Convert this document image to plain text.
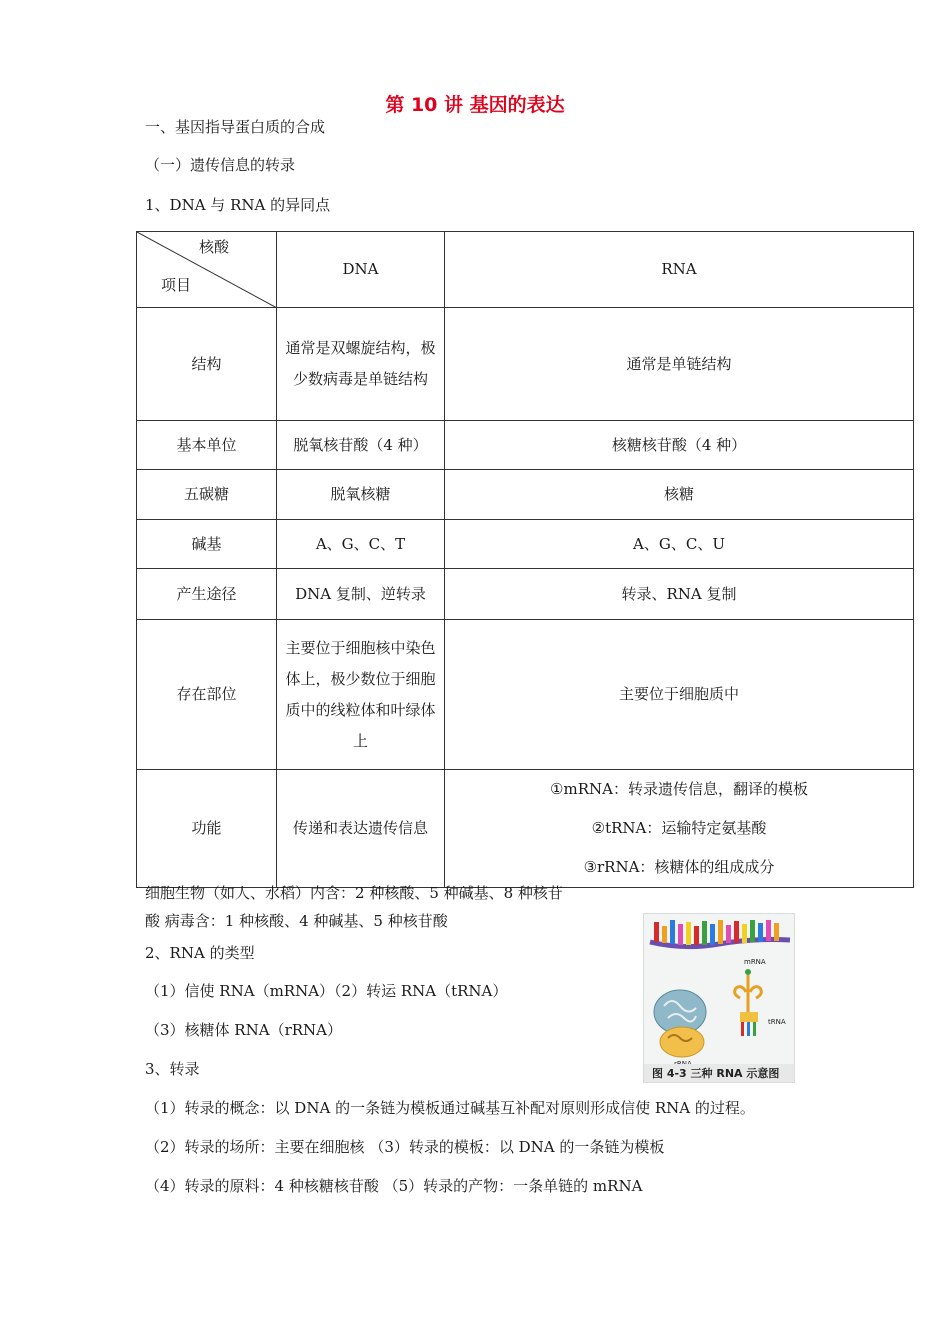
第 10 讲 基因的表达
一、基因指导蛋白质的合成
（一）遗传信息的转录
1、DNA 与 RNA 的异同点
核酸
项目	DNA	RNA
结构	通常是双螺旋结构，极少数病毒是单链结构	通常是单链结构
基本单位	脱氧核苷酸（4 种）	核糖核苷酸（4 种）
五碳糖	脱氧核糖	核糖
碱基	A、G、C、T	A、G、C、U
产生途径	DNA 复制、逆转录	转录、RNA 复制
存在部位	主要位于细胞核中染色体上，极少数位于细胞质中的线粒体和叶绿体上	主要位于细胞质中
功能	传递和表达遗传信息	①mRNA：转录遗传信息，翻译的模板
②tRNA：运输特定氨基酸
③rRNA：核糖体的组成成分
细胞生物（如人、水稻）内含：2 种核酸、5 种碱基、8 种核苷
酸 病毒含：1 种核酸、4 种碱基、5 种核苷酸
2、RNA 的类型
（1）信使 RNA（mRNA）（2）转运 RNA（tRNA）
（3）核糖体 RNA（rRNA）
3、转录
（1）转录的概念：以 DNA 的一条链为模板通过碱基互补配对原则形成信使 RNA 的过程。
（2）转录的场所：主要在细胞核 （3）转录的模板：以 DNA 的一条链为模板
（4）转录的原料：4 种核糖核苷酸 （5）转录的产物：一条单链的 mRNA
mRNA
tRNA
图 4-3 三种 RNA 示意图
